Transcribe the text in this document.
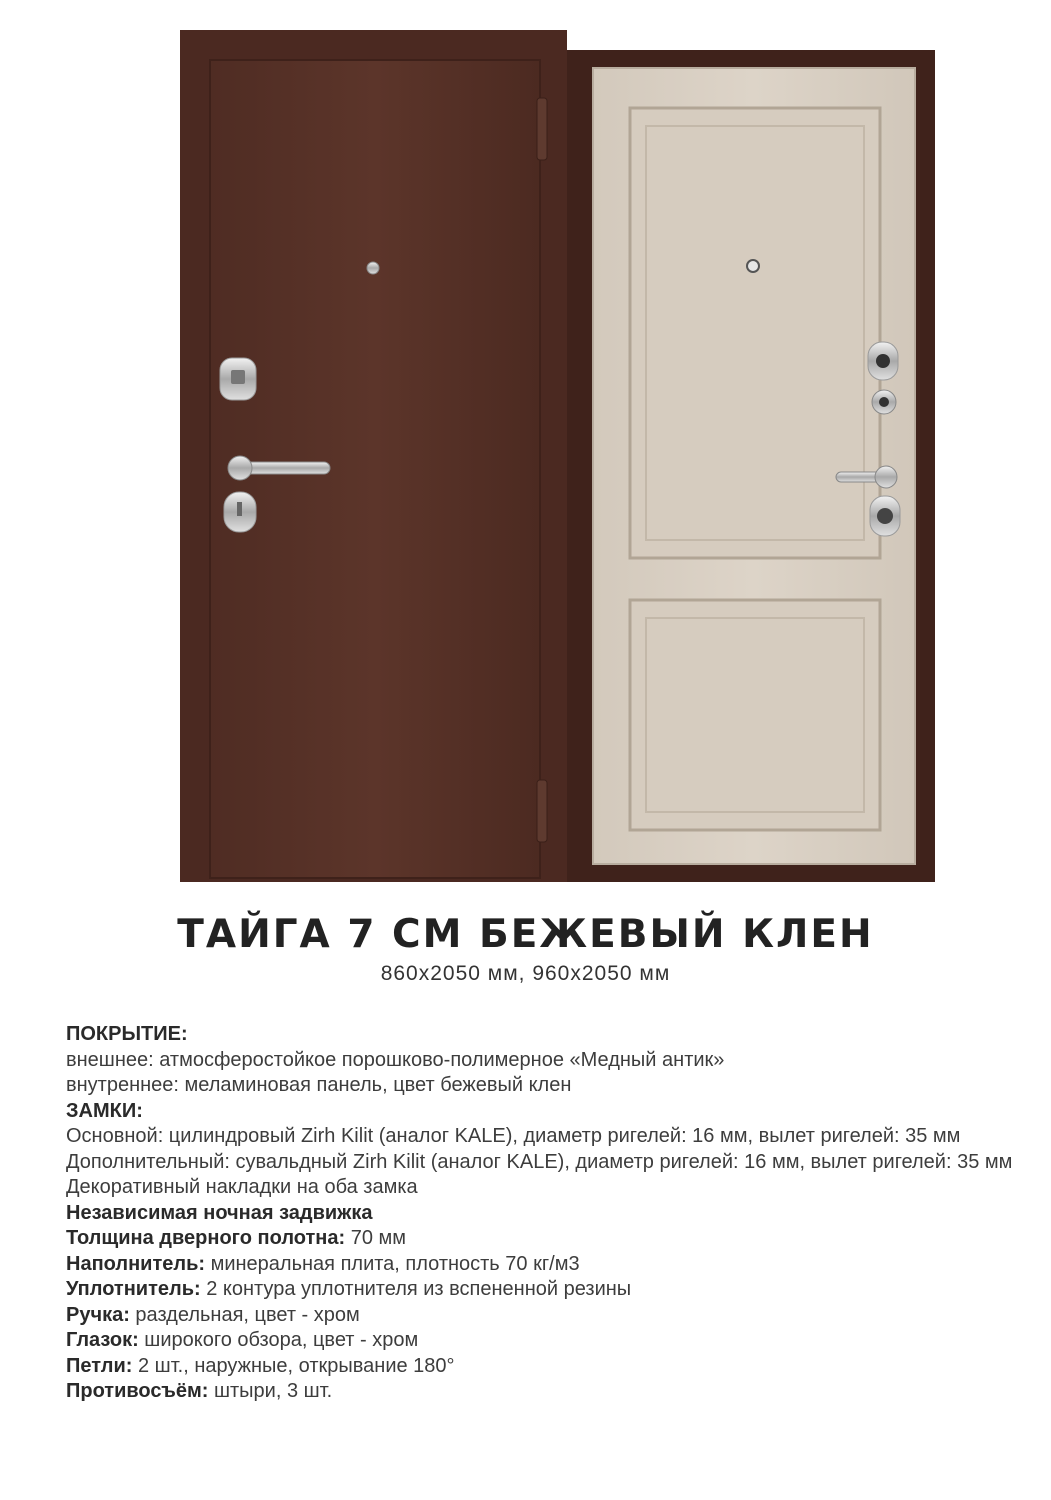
ТАЙГА 7 СМ БЕЖЕВЫЙ КЛЕН
860х2050 мм, 960х2050 мм

ПОКРЫТИЕ:

внешнее: атмосферостойкое порошково-полимерное «Медный антик»

внутреннее: меламиновая панель, цвет бежевый клен

ЗАМКИ:

Основной: цилиндровый Zirh Kilit (аналог KALE), диаметр ригелей: 16 мм, вылет ригелей: 35 мм

Дополнительный: сувальдный Zirh Kilit (аналог KALE), диаметр ригелей: 16 мм, вылет ригелей: 35 мм

Декоративный накладки на оба замка

Независимая ночная задвижка

Толщина дверного полотна: 70 мм

Наполнитель: минеральная плита, плотность 70 кг/м3

Уплотнитель: 2 контура уплотнителя из вспененной резины

Ручка: раздельная, цвет - хром

Глазок: широкого обзора, цвет - хром

Петли: 2 шт., наружные, открывание 180°

Противосъём: штыри, 3 шт.
